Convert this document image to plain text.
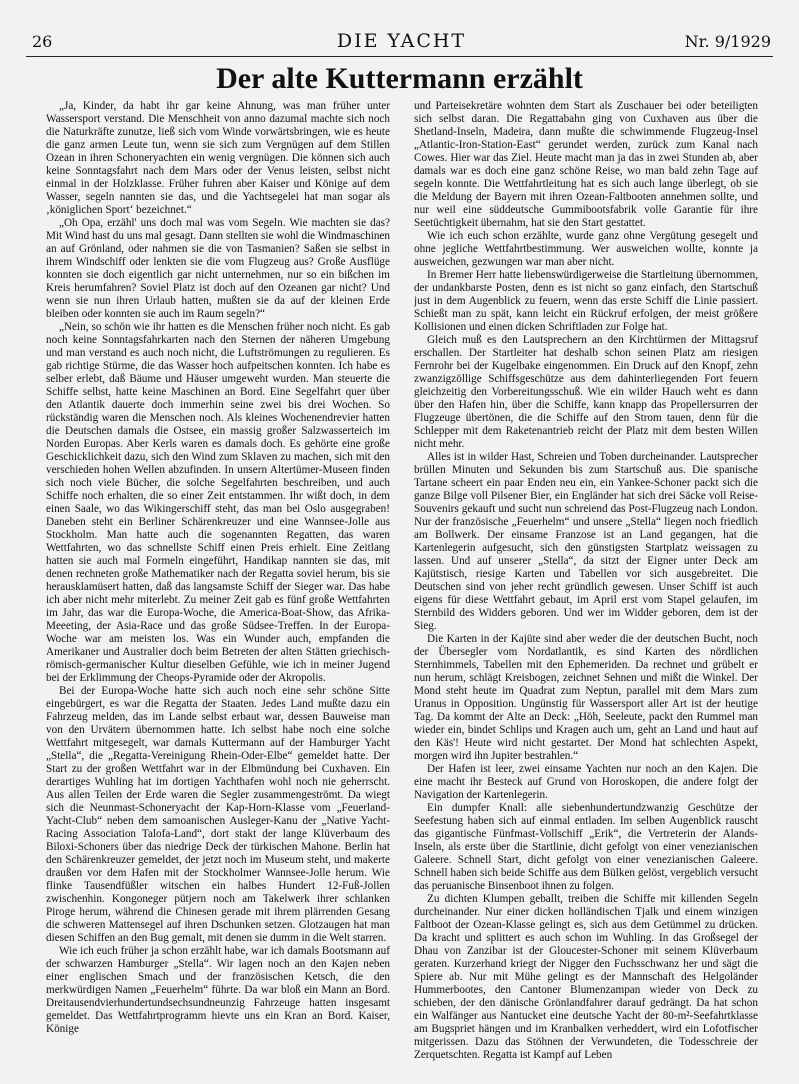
26	DIE YACHT	Nr. 9/1929
Der alte Kuttermann erzählt

„Ja, Kinder, da habt ihr gar keine Ahnung, was man früher unter Wassersport verstand. Die Menschheit von anno dazumal machte sich noch die Naturkräfte zunutze, ließ sich vom Winde vorwärtsbringen, wie es heute die ganz armen Leute tun, wenn sie sich zum Vergnügen auf dem Stillen Ozean in ihren Schoneryachten ein wenig vergnügen. Die können sich auch keine Sonntagsfahrt nach dem Mars oder der Venus leisten, selbst nicht einmal in der Holzklasse. Früher fuhren aber Kaiser und Könige auf dem Wasser, segeln nannten sie das, und die Yachtsegelei hat man sogar als ‚königlichen Sport‘ bezeichnet.“

„Oh Opa, erzähl' uns doch mal was vom Segeln. Wie machten sie das? Mit Wind hast du uns mal gesagt. Dann stellten sie wohl die Windmaschinen an auf Grönland, oder nahmen sie die von Tasmanien? Saßen sie selbst in ihrem Windschiff oder lenkten sie die vom Flugzeug aus? Große Ausflüge konnten sie doch eigentlich gar nicht unternehmen, nur so ein bißchen im Kreis herumfahren? Soviel Platz ist doch auf den Ozeanen gar nicht? Und wenn sie nun ihren Urlaub hatten, mußten sie da auf der kleinen Erde bleiben oder konnten sie auch im Raum segeln?“

„Nein, so schön wie ihr hatten es die Menschen früher noch nicht. Es gab noch keine Sonntagsfahrkarten nach den Sternen der näheren Umgebung und man verstand es auch noch nicht, die Luftströmungen zu regulieren. Es gab richtige Stürme, die das Wasser hoch aufpeitschen konnten. Ich habe es selber erlebt, daß Bäume und Häuser umgeweht wurden. Man steuerte die Schiffe selbst, hatte keine Maschinen an Bord. Eine Segelfahrt quer über den Atlantik dauerte doch immerhin seine zwei bis drei Wochen. So rückständig waren die Menschen noch. Als kleines Wochenendrevier hatten die Deutschen damals die Ostsee, ein massig großer Salzwasserteich im Norden Europas. Aber Kerls waren es damals doch. Es gehörte eine große Geschicklichkeit dazu, sich den Wind zum Sklaven zu machen, sich mit den verschieden hohen Wellen abzufinden. In unsern Altertümer-Museen finden sich noch viele Bücher, die solche Segelfahrten beschreiben, und auch Schiffe noch erhalten, die so einer Zeit entstammen. Ihr wißt doch, in dem einen Saale, wo das Wikingerschiff steht, das man bei Oslo ausgegraben! Daneben steht ein Berliner Schärenkreuzer und eine Wannsee-Jolle aus Stockholm. Man hatte auch die sogenannten Regatten, das waren Wettfahrten, wo das schnellste Schiff einen Preis erhielt. Eine Zeitlang hatten sie auch mal Formeln eingeführt, Handikap nannten sie das, mit denen rechneten große Mathematiker nach der Regatta soviel herum, bis sie herausklamüsert hatten, daß das langsamste Schiff der Sieger war. Das habe ich aber nicht mehr miterlebt. Zu meiner Zeit gab es fünf große Wettfahrten im Jahr, das war die Europa-Woche, die America-Boat-Show, das Afrika-Meeeting, der Asia-Race und das große Südsee-Treffen. In der Europa-Woche war am meisten los. Was ein Wunder auch, empfanden die Amerikaner und Australier doch beim Betreten der alten Stätten griechisch-römisch-germanischer Kultur dieselben Gefühle, wie ich in meiner Jugend bei der Erklimmung der Cheops-Pyramide oder der Akropolis.

Bei der Europa-Woche hatte sich auch noch eine sehr schöne Sitte eingebürgert, es war die Regatta der Staaten. Jedes Land mußte dazu ein Fahrzeug melden, das im Lande selbst erbaut war, dessen Bauweise man von den Urvätern übernommen hatte. Ich selbst habe noch eine solche Wettfahrt mitgesegelt, war damals Kuttermann auf der Hamburger Yacht „Stella“, die „Regatta-Vereinigung Rhein-Oder-Elbe“ gemeldet hatte. Der Start zu der großen Wettfahrt war in der Elbmündung bei Cuxhaven. Ein derartiges Wuhling hat im dortigen Yachthafen wohl noch nie geherrscht. Aus allen Teilen der Erde waren die Segler zusammengeströmt. Da wiegt sich die Neunmast-Schoneryacht der Kap-Horn-Klasse vom „Feuerland-Yacht-Club“ neben dem samoanischen Ausleger-Kanu der „Native Yacht-Racing Association Talofa-Land“, dort stakt der lange Klüverbaum des Biloxi-Schoners über das niedrige Deck der türkischen Mahone. Berlin hat den Schärenkreuzer gemeldet, der jetzt noch im Museum steht, und makerte draußen vor dem Hafen mit der Stockholmer Wannsee-Jolle herum. Wie flinke Tausendfüßler witschen ein halbes Hundert 12-Fuß-Jollen zwischenhin. Kongoneger pütjern noch am Takelwerk ihrer schlanken Piroge herum, während die Chinesen gerade mit ihrem plärrenden Gesang die schweren Mattensegel auf ihren Dschunken setzen. Glotzaugen hat man diesen Schiffen an den Bug gemalt, mit denen sie dumm in die Welt starren.

Wie ich euch früher ja schon erzählt habe, war ich damals Bootsmann auf der schwarzen Hamburger „Stella“. Wir lagen noch an den Kajen neben einer englischen Smach und der französischen Ketsch, die den merkwürdigen Namen „Feuerhelm“ führte. Da war bloß ein Mann an Bord. Dreitausendvierhundertundsechsundneunzig Fahrzeuge hatten insgesamt gemeldet. Das Wettfahrtprogramm hievte uns ein Kran an Bord. Kaiser, Könige

und Parteisekretäre wohnten dem Start als Zuschauer bei oder beteiligten sich selbst daran. Die Regattabahn ging von Cuxhaven aus über die Shetland-Inseln, Madeira, dann mußte die schwimmende Flugzeug-Insel „Atlantic-Iron-Station-East“ gerundet werden, zurück zum Kanal nach Cowes. Hier war das Ziel. Heute macht man ja das in zwei Stunden ab, aber damals war es doch eine ganz schöne Reise, wo man bald zehn Tage auf segeln konnte. Die Wettfahrtleitung hat es sich auch lange überlegt, ob sie die Meldung der Bayern mit ihren Ozean-Faltbooten annehmen sollte, und nur weil eine süddeutsche Gummibootsfabrik volle Garantie für ihre Seetüchtigkeit übernahm, hat sie den Start gestattet.

Wie ich euch schon erzählte, wurde ganz ohne Vergütung gesegelt und ohne jegliche Wettfahrtbestimmung. Wer ausweichen wollte, konnte ja ausweichen, gezwungen war man aber nicht.

In Bremer Herr hatte liebenswürdigerweise die Startleitung übernommen, der undankbarste Posten, denn es ist nicht so ganz einfach, den Startschuß just in dem Augenblick zu feuern, wenn das erste Schiff die Linie passiert. Schießt man zu spät, kann leicht ein Rückruf erfolgen, der meist größere Kollisionen und einen dicken Schriftladen zur Folge hat.

Gleich muß es den Lautsprechern an den Kirchtürmen der Mittagsruf erschallen. Der Startleiter hat deshalb schon seinen Platz am riesigen Fernrohr bei der Kugelbake eingenommen. Ein Druck auf den Knopf, zehn zwanzigzöllige Schiffsgeschütze aus dem dahinterliegenden Fort feuern gleichzeitig den Vorbereitungsschuß. Wie ein wilder Hauch weht es dann über den Hafen hin, über die Schiffe, kann knapp das Propellersurren der Flugzeuge übertönen, die die Schiffe auf den Strom tauen, denn für die Schlepper mit dem Raketenantrieb reicht der Platz mit dem besten Willen nicht mehr.

Alles ist in wilder Hast, Schreien und Toben durcheinander. Lautsprecher brüllen Minuten und Sekunden bis zum Startschuß aus. Die spanische Tartane scheert ein paar Enden neu ein, ein Yankee-Schoner packt sich die ganze Bilge voll Pilsener Bier, ein Engländer hat sich drei Säcke voll Reise-Souvenirs gekauft und sucht nun schreiend das Post-Flugzeug nach London. Nur der französische „Feuerhelm“ und unsere „Stella“ liegen noch friedlich am Bollwerk. Der einsame Franzose ist an Land gegangen, hat die Kartenlegerin aufgesucht, sich den günstigsten Startplatz weissagen zu lassen. Und auf unserer „Stella“, da sitzt der Eigner unter Deck am Kajütstisch, riesige Karten und Tabellen vor sich ausgebreitet. Die Deutschen sind von jeher recht gründlich gewesen. Unser Schiff ist auch eigens für diese Wettfahrt gebaut, im April erst vom Stapel gelaufen, im Sternbild des Widders geboren. Und wer im Widder geboren, dem ist der Sieg.

Die Karten in der Kajüte sind aber weder die der deutschen Bucht, noch der Übersegler vom Nordatlantik, es sind Karten des nördlichen Sternhimmels, Tabellen mit den Ephemeriden. Da rechnet und grübelt er nun herum, schlägt Kreisbogen, zeichnet Sehnen und mißt die Winkel. Der Mond steht heute im Quadrat zum Neptun, parallel mit dem Mars zum Uranus in Opposition. Ungünstig für Wassersport aller Art ist der heutige Tag. Da kommt der Alte an Deck: „Höh, Seeleute, packt den Rummel man wieder ein, bindet Schlips und Kragen auch um, geht an Land und haut auf den Käs'! Heute wird nicht gestartet. Der Mond hat schlechten Aspekt, morgen wird ihn Jupiter bestrahlen.“

Der Hafen ist leer, zwei einsame Yachten nur noch an den Kajen. Die eine macht ihr Besteck auf Grund von Horoskopen, die andere folgt der Navigation der Kartenlegerin.

Ein dumpfer Knall: alle siebenhundertundzwanzig Geschütze der Seefestung haben sich auf einmal entladen. Im selben Augenblick rauscht das gigantische Fünfmast-Vollschiff „Erik“, die Vertreterin der Alands-Inseln, als erste über die Startlinie, dicht gefolgt von einer venezianischen Galeere. Schnell Start, dicht gefolgt von einer venezianischen Galeere. Schnell haben sich beide Schiffe aus dem Bülken gelöst, vergeblich versucht das peruanische Binsenboot ihnen zu folgen.

Zu dichten Klumpen geballt, treiben die Schiffe mit killenden Segeln durcheinander. Nur einer dicken holländischen Tjalk und einem winzigen Faltboot der Ozean-Klasse gelingt es, sich aus dem Getümmel zu drücken. Da kracht und splittert es auch schon im Wuhling. In das Großsegel der Dhau von Zanzibar ist der Gloucester-Schoner mit seinem Klüverbaum geraten. Kurzerhand kriegt der Nigger den Fuchsschwanz her und sägt die Spiere ab. Nur mit Mühe gelingt es der Mannschaft des Helgoländer Hummerbootes, den Cantoner Blumenzampan wieder von Deck zu schieben, der den dänische Grönlandfahrer darauf gedrängt. Da hat schon ein Walfänger aus Nantucket eine deutsche Yacht der 80-m²-Seefahrtklasse am Bugspriet hängen und im Kranbalken verheddert, wird ein Lofotfischer mitgerissen. Dazu das Stöhnen der Verwundeten, die Todesschreie der Zerquetschten. Regatta ist Kampf auf Leben
